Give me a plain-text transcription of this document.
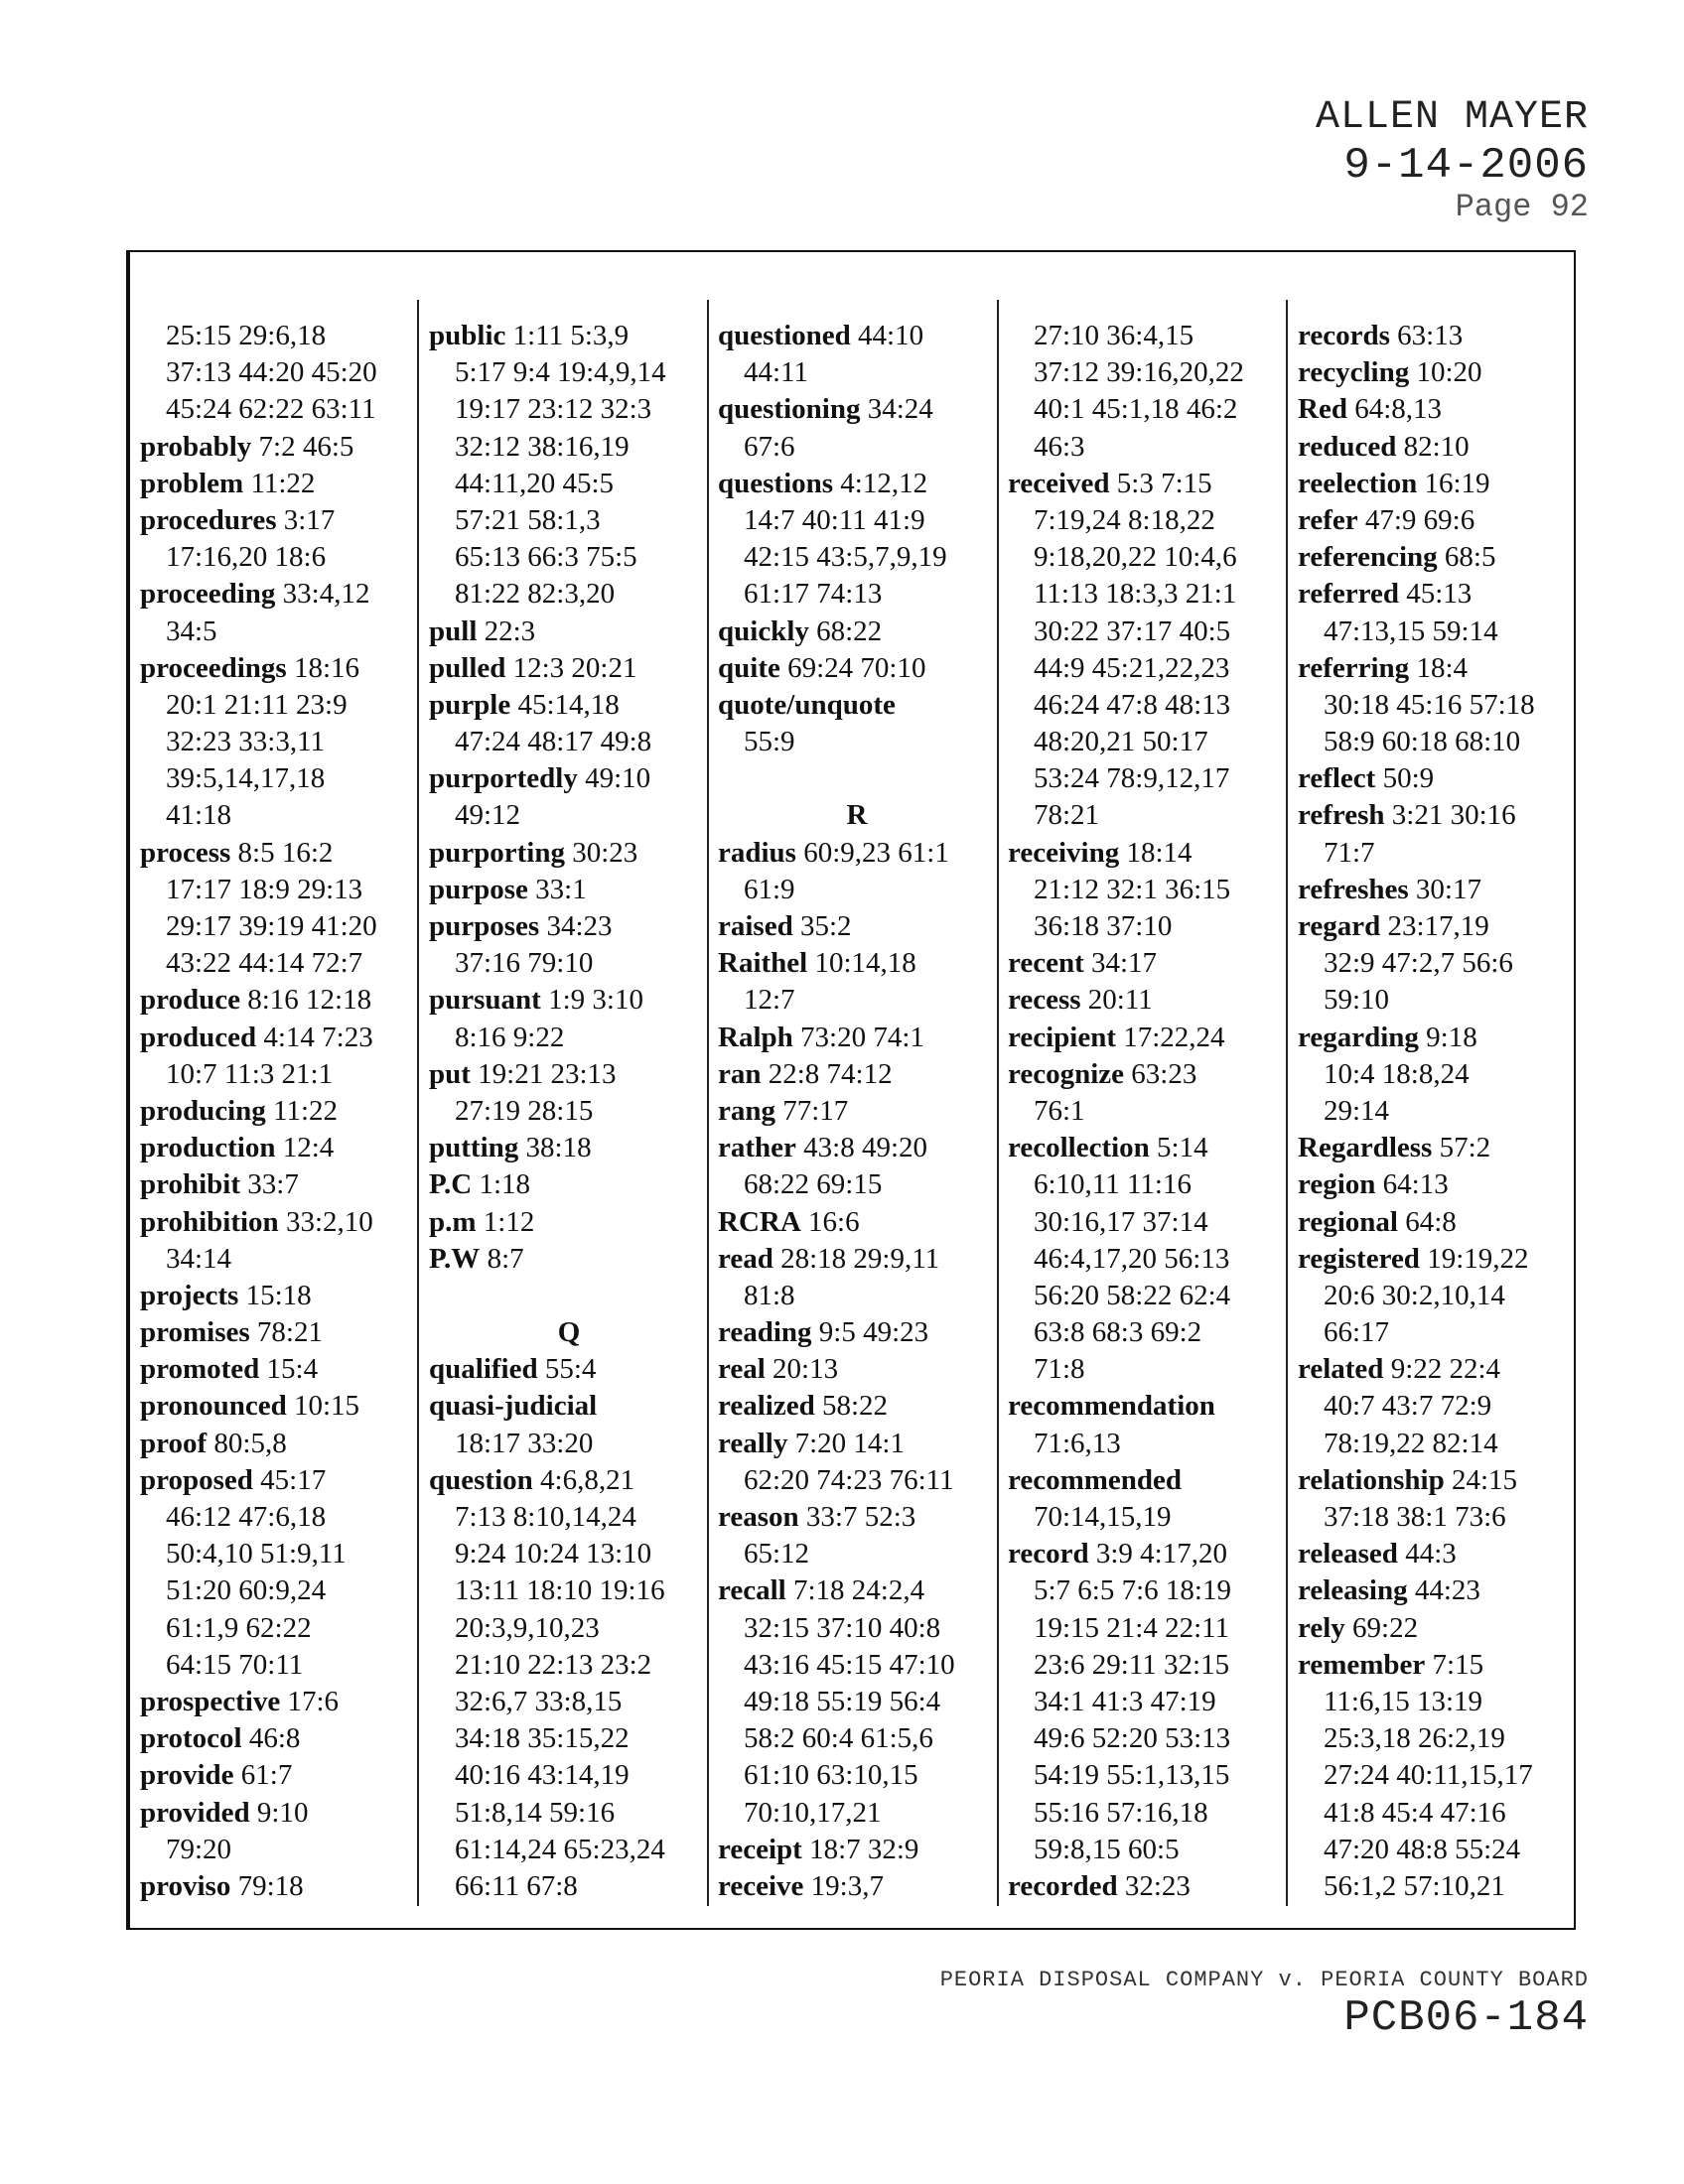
ALLEN MAYER
9-14-2006
Page 92
25:15 29:6,18
37:13 44:20 45:20
45:24 62:22 63:11
probably 7:2 46:5
problem 11:22
procedures 3:17
17:16,20 18:6
proceeding 33:4,12
34:5
proceedings 18:16
20:1 21:11 23:9
32:23 33:3,11
39:5,14,17,18
41:18
process 8:5 16:2
17:17 18:9 29:13
29:17 39:19 41:20
43:22 44:14 72:7
produce 8:16 12:18
produced 4:14 7:23
10:7 11:3 21:1
producing 11:22
production 12:4
prohibit 33:7
prohibition 33:2,10
34:14
projects 15:18
promises 78:21
promoted 15:4
pronounced 10:15
proof 80:5,8
proposed 45:17
46:12 47:6,18
50:4,10 51:9,11
51:20 60:9,24
61:1,9 62:22
64:15 70:11
prospective 17:6
protocol 46:8
provide 61:7
provided 9:10
79:20
proviso 79:18
public 1:11 5:3,9
5:17 9:4 19:4,9,14
19:17 23:12 32:3
32:12 38:16,19
44:11,20 45:5
57:21 58:1,3
65:13 66:3 75:5
81:22 82:3,20
pull 22:3
pulled 12:3 20:21
purple 45:14,18
47:24 48:17 49:8
purportedly 49:10
49:12
purporting 30:23
purpose 33:1
purposes 34:23
37:16 79:10
pursuant 1:9 3:10
8:16 9:22
put 19:21 23:13
27:19 28:15
putting 38:18
P.C 1:18
p.m 1:12
P.W 8:7
Q
qualified 55:4
quasi-judicial
18:17 33:20
question 4:6,8,21
7:13 8:10,14,24
9:24 10:24 13:10
13:11 18:10 19:16
20:3,9,10,23
21:10 22:13 23:2
32:6,7 33:8,15
34:18 35:15,22
40:16 43:14,19
51:8,14 59:16
61:14,24 65:23,24
66:11 67:8
questioned 44:10
44:11
questioning 34:24
67:6
questions 4:12,12
14:7 40:11 41:9
42:15 43:5,7,9,19
61:17 74:13
quickly 68:22
quite 69:24 70:10
quote/unquote
55:9
R
radius 60:9,23 61:1
61:9
raised 35:2
Raithel 10:14,18
12:7
Ralph 73:20 74:1
ran 22:8 74:12
rang 77:17
rather 43:8 49:20
68:22 69:15
RCRA 16:6
read 28:18 29:9,11
81:8
reading 9:5 49:23
real 20:13
realized 58:22
really 7:20 14:1
62:20 74:23 76:11
reason 33:7 52:3
65:12
recall 7:18 24:2,4
32:15 37:10 40:8
43:16 45:15 47:10
49:18 55:19 56:4
58:2 60:4 61:5,6
61:10 63:10,15
70:10,17,21
receipt 18:7 32:9
receive 19:3,7
27:10 36:4,15
37:12 39:16,20,22
40:1 45:1,18 46:2
46:3
received 5:3 7:15
7:19,24 8:18,22
9:18,20,22 10:4,6
11:13 18:3,3 21:1
30:22 37:17 40:5
44:9 45:21,22,23
46:24 47:8 48:13
48:20,21 50:17
53:24 78:9,12,17
78:21
receiving 18:14
21:12 32:1 36:15
36:18 37:10
recent 34:17
recess 20:11
recipient 17:22,24
recognize 63:23
76:1
recollection 5:14
6:10,11 11:16
30:16,17 37:14
46:4,17,20 56:13
56:20 58:22 62:4
63:8 68:3 69:2
71:8
recommendation
71:6,13
recommended
70:14,15,19
record 3:9 4:17,20
5:7 6:5 7:6 18:19
19:15 21:4 22:11
23:6 29:11 32:15
34:1 41:3 47:19
49:6 52:20 53:13
54:19 55:1,13,15
55:16 57:16,18
59:8,15 60:5
recorded 32:23
records 63:13
recycling 10:20
Red 64:8,13
reduced 82:10
reelection 16:19
refer 47:9 69:6
referencing 68:5
referred 45:13
47:13,15 59:14
referring 18:4
30:18 45:16 57:18
58:9 60:18 68:10
reflect 50:9
refresh 3:21 30:16
71:7
refreshes 30:17
regard 23:17,19
32:9 47:2,7 56:6
59:10
regarding 9:18
10:4 18:8,24
29:14
Regardless 57:2
region 64:13
regional 64:8
registered 19:19,22
20:6 30:2,10,14
66:17
related 9:22 22:4
40:7 43:7 72:9
78:19,22 82:14
relationship 24:15
37:18 38:1 73:6
released 44:3
releasing 44:23
rely 69:22
remember 7:15
11:6,15 13:19
25:3,18 26:2,19
27:24 40:11,15,17
41:8 45:4 47:16
47:20 48:8 55:24
56:1,2 57:10,21
PEORIA DISPOSAL COMPANY v. PEORIA COUNTY BOARD
PCB06-184
